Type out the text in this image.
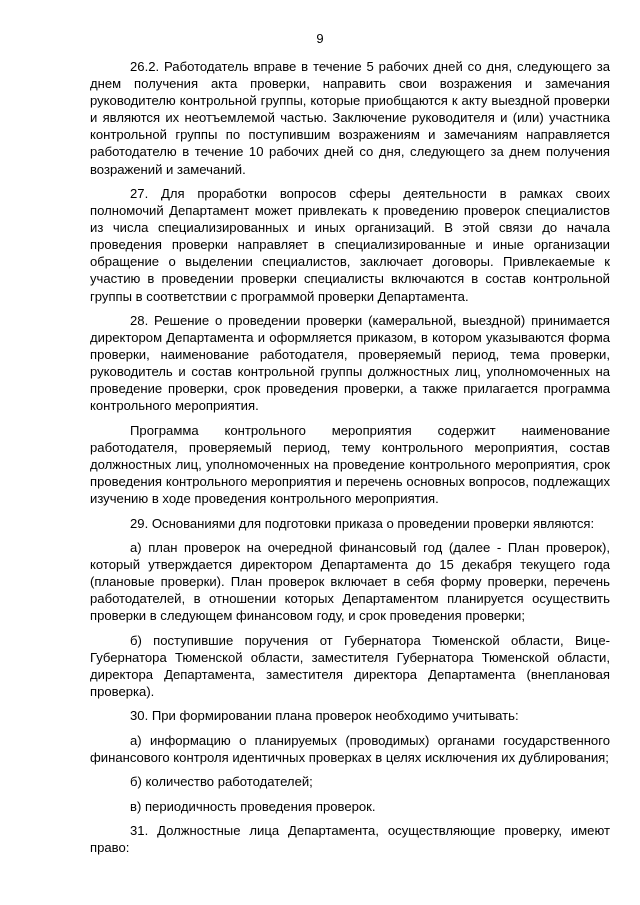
9

26.2. Работодатель вправе в течение 5 рабочих дней со дня, следующего за днем получения акта проверки, направить свои возражения и замечания руководителю контрольной группы, которые приобщаются к акту выездной проверки и являются их неотъемлемой частью. Заключение руководителя и (или) участника контрольной группы по поступившим возражениям и замечаниям направляется работодателю в течение 10 рабочих дней со дня, следующего за днем получения возражений и замечаний.

27. Для проработки вопросов сферы деятельности в рамках своих полномочий Департамент может привлекать к проведению проверок специалистов из числа специализированных и иных организаций. В этой связи до начала проведения проверки направляет в специализированные и иные организации обращение о выделении специалистов, заключает договоры. Привлекаемые к участию в проведении проверки специалисты включаются в состав контрольной группы в соответствии с программой проверки Департамента.

28. Решение о проведении проверки (камеральной, выездной) принимается директором Департамента и оформляется приказом, в котором указываются форма проверки, наименование работодателя, проверяемый период, тема проверки, руководитель и состав контрольной группы должностных лиц, уполномоченных на проведение проверки, срок проведения проверки, а также прилагается программа контрольного мероприятия.

Программа контрольного мероприятия содержит наименование работодателя, проверяемый период, тему контрольного мероприятия, состав должностных лиц, уполномоченных на проведение контрольного мероприятия, срок проведения контрольного мероприятия и перечень основных вопросов, подлежащих изучению в ходе проведения контрольного мероприятия.

29. Основаниями для подготовки приказа о проведении проверки являются:

а) план проверок на очередной финансовый год (далее - План проверок), который утверждается директором Департамента до 15 декабря текущего года (плановые проверки). План проверок включает в себя форму проверки, перечень работодателей, в отношении которых Департаментом планируется осуществить проверки в следующем финансовом году, и срок проведения проверки;

б) поступившие поручения от Губернатора Тюменской области, Вице-Губернатора Тюменской области, заместителя Губернатора Тюменской области, директора Департамента, заместителя директора Департамента (внеплановая проверка).

30. При формировании плана проверок необходимо учитывать:

а) информацию о планируемых (проводимых) органами государственного финансового контроля идентичных проверках в целях исключения их дублирования;

б) количество работодателей;

в) периодичность проведения проверок.

31. Должностные лица Департамента, осуществляющие проверку, имеют право:
